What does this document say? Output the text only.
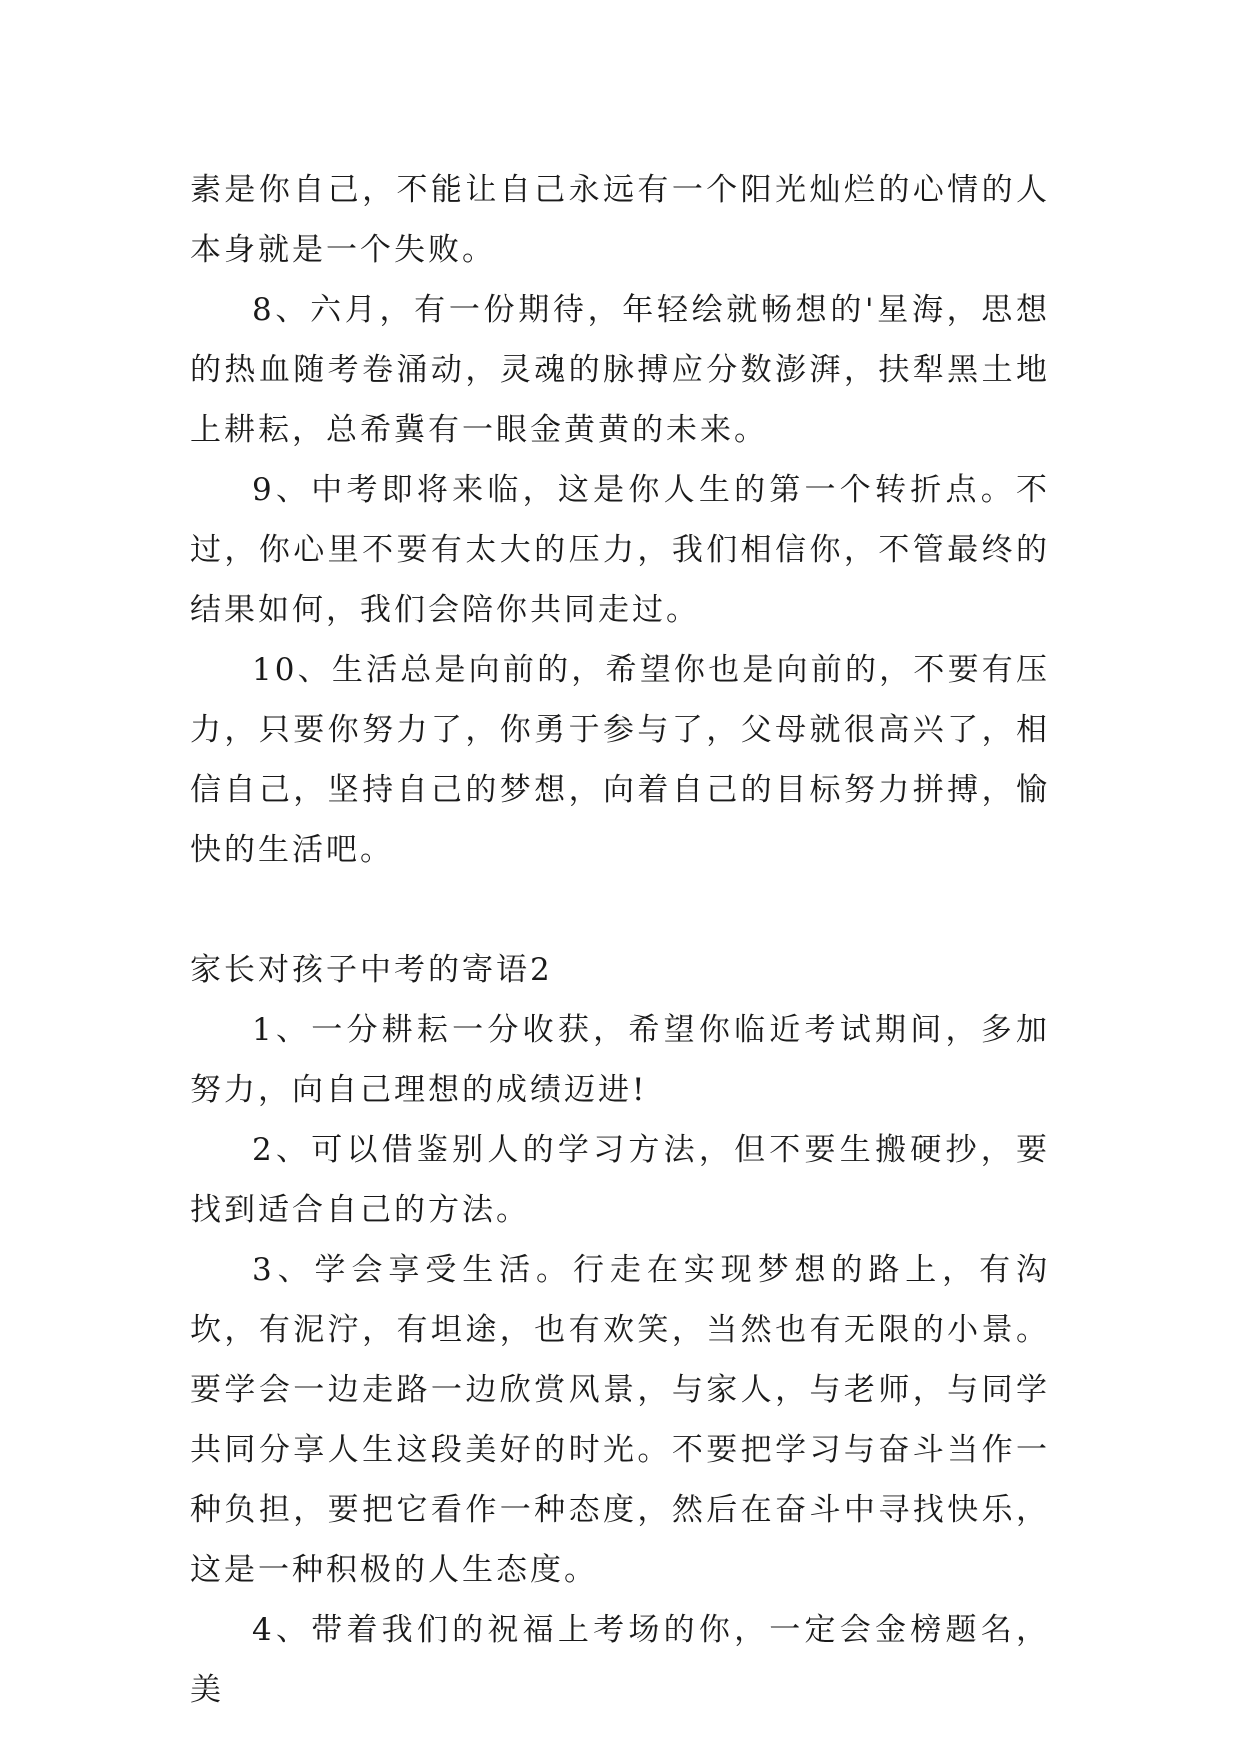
素是你自己，不能让自己永远有一个阳光灿烂的心情的人本身就是一个失败。

8、六月，有一份期待，年轻绘就畅想的'星海，思想的热血随考卷涌动，灵魂的脉搏应分数澎湃，扶犁黑土地上耕耘，总希冀有一眼金黄黄的未来。

9、中考即将来临，这是你人生的第一个转折点。不过，你心里不要有太大的压力，我们相信你，不管最终的结果如何，我们会陪你共同走过。

10、生活总是向前的，希望你也是向前的，不要有压力，只要你努力了，你勇于参与了，父母就很高兴了，相信自己，坚持自己的梦想，向着自己的目标努力拼搏，愉快的生活吧。

家长对孩子中考的寄语2

1、一分耕耘一分收获，希望你临近考试期间，多加努力，向自己理想的成绩迈进!

2、可以借鉴别人的学习方法，但不要生搬硬抄，要找到适合自己的方法。

3、学会享受生活。行走在实现梦想的路上，有沟坎，有泥泞，有坦途，也有欢笑，当然也有无限的小景。要学会一边走路一边欣赏风景，与家人，与老师，与同学共同分享人生这段美好的时光。不要把学习与奋斗当作一种负担，要把它看作一种态度，然后在奋斗中寻找快乐，这是一种积极的人生态度。

4、带着我们的祝福上考场的你，一定会金榜题名，美
